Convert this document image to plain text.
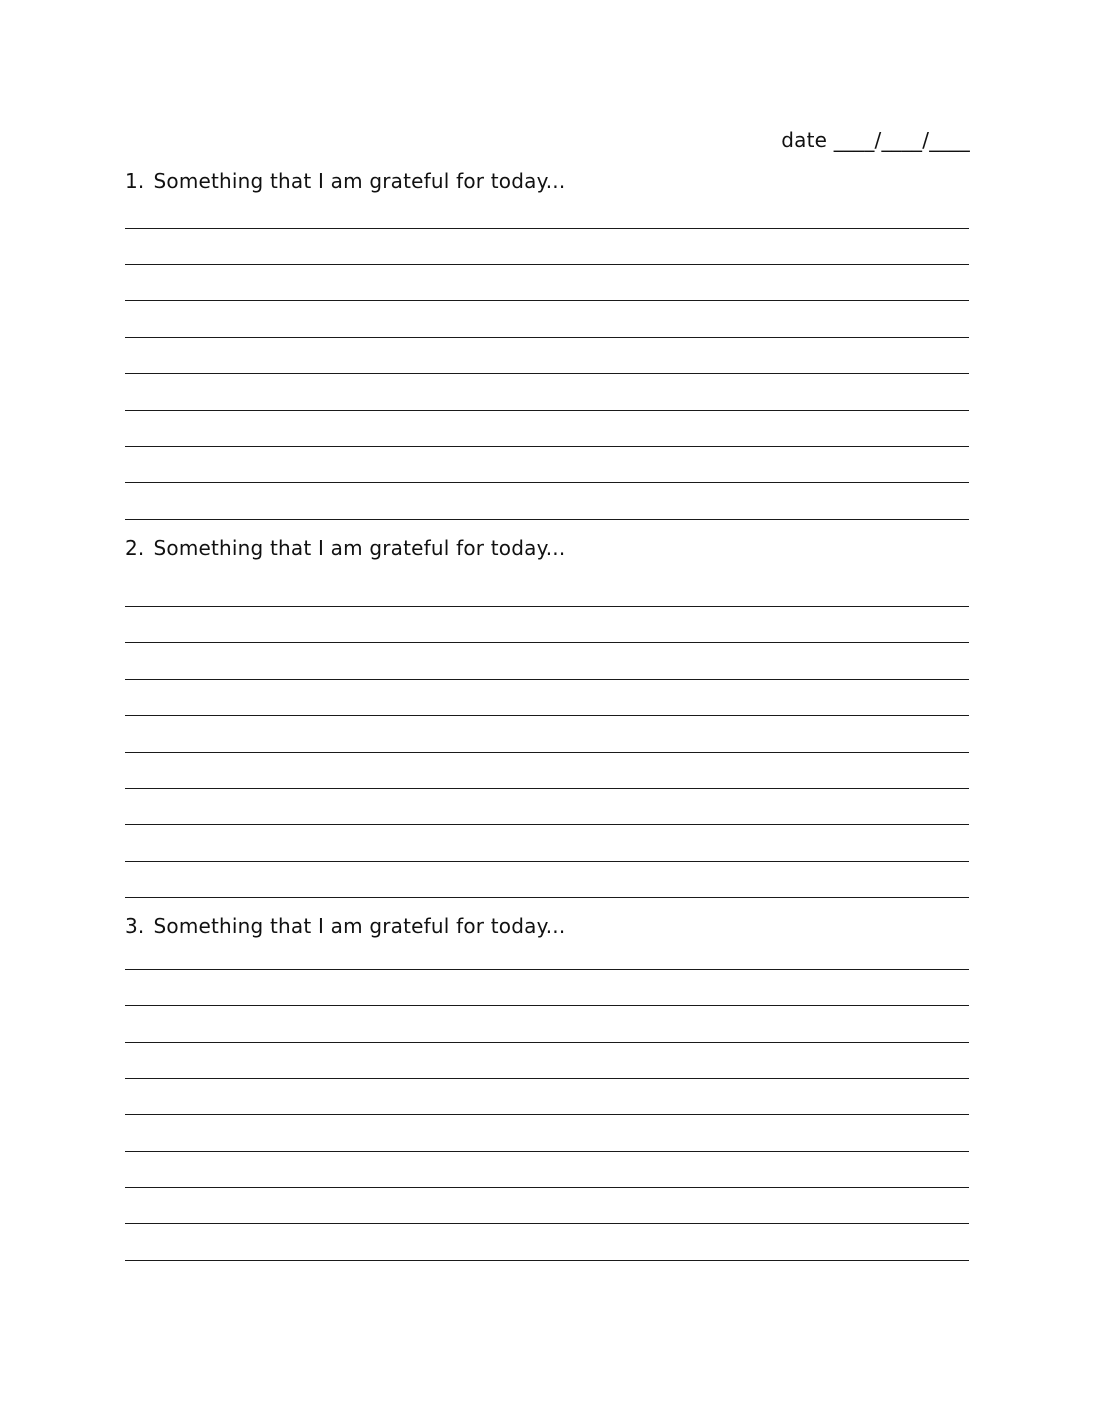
date ____/____/____
1. Something that I am grateful for today...
2. Something that I am grateful for today...
3. Something that I am grateful for today...
